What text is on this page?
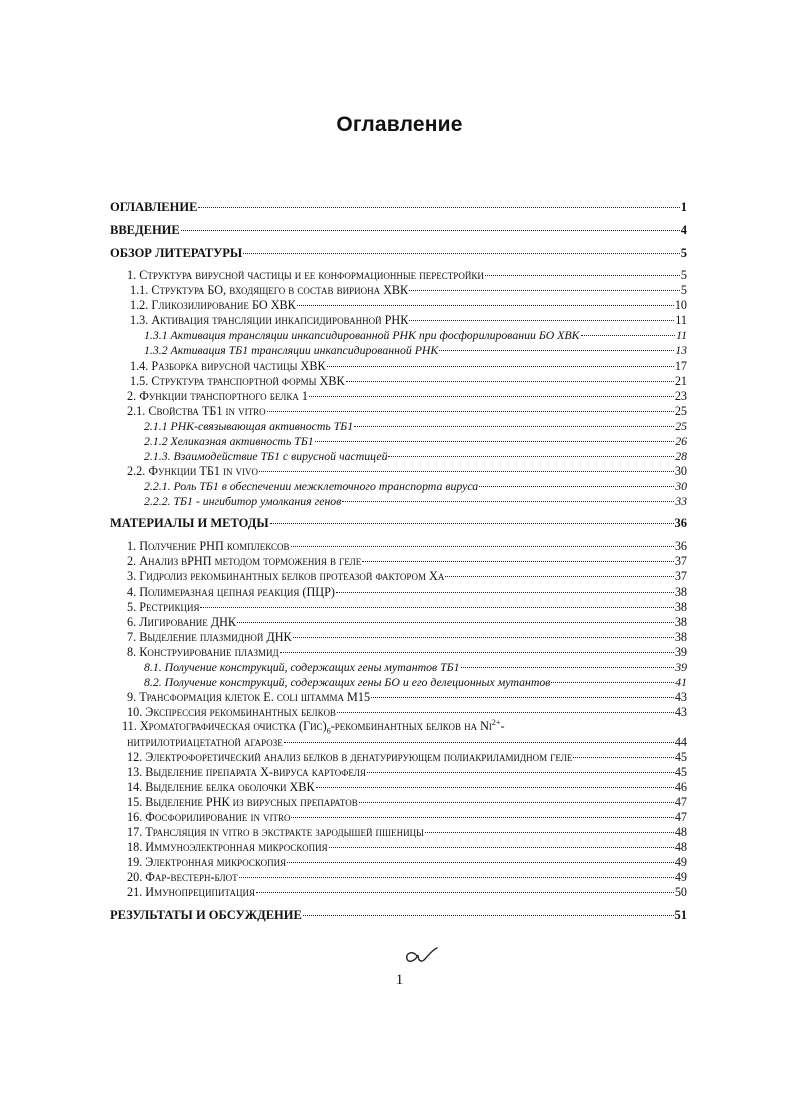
Оглавление
ОГЛАВЛЕНИЕ	1
ВВЕДЕНИЕ	4
ОБЗОР ЛИТЕРАТУРЫ	5
1. Структура вирусной частицы и ее конформационные перестройки	5
1.1. Структура БО, входящего в состав вириона ХВК	5
1.2. Гликозилирование БО ХВК	10
1.3. Активация трансляции инкапсидированной РНК	11
1.3.1 Активация трансляции инкапсидированной РНК при фосфорилировании БО ХВК	11
1.3.2 Активация ТБ1 трансляции инкапсидированной РНК	13
1.4. Разборка вирусной частицы ХВК	17
1.5. Структура транспортной формы ХВК	21
2. Функции транспортного белка 1	23
2.1. Свойства ТБ1 in vitro	25
2.1.1 РНК-связывающая активность ТБ1	25
2.1.2 Хеликазная активность ТБ1	26
2.1.3. Взаимодействие ТБ1 с вирусной частицей	28
2.2. Функции ТБ1 in vivo	30
2.2.1. Роль ТБ1 в обеспечении межклеточного транспорта вируса	30
2.2.2. ТБ1 - ингибитор умолкания генов	33
МАТЕРИАЛЫ И МЕТОДЫ	36
1. Получение РНП комплексов	36
2. Анализ вРНП методом торможения в геле	37
3. Гидролиз рекомбинантных белков протеазой фактором Ха	37
4. Полимеразная цепная реакция (ПЦР)	38
5. Рестрикция	38
6. Лигирование ДНК	38
7. Выделение плазмидной ДНК	38
8. Конструирование плазмид	39
8.1. Получение конструкций, содержащих гены мутантов ТБ1	39
8.2. Получение конструкций, содержащих гены БО и его делеционных мутантов	41
9. Трансформация клеток E. coli штамма M15	43
10. Экспрессия рекомбинантных белков	43
11. Хроматографическая очистка $(Гис)_6$-рекомбинантных белков на $Ni^{2+}-$
нитрилотриацетатной агарозе	44
12. Электрофоретический анализ белков в денатурирующем полиакриламидном геле	45
13. Выделение препарата X-вируса картофеля	45
14. Выделение белка оболочки ХВК	46
15. Выделение РНК из вирусных препаратов	47
16. Фосфорилирование in vitro	47
17. Трансляция in vitro в экстракте зародышей пшеницы	48
18. Иммуноэлектронная микроскопия	48
19. Электронная микроскопия	49
20. Фар-вестерн-блот	49
21. Имунопреципитация	50
РЕЗУЛЬТАТЫ И ОБСУЖДЕНИЕ	51
1
